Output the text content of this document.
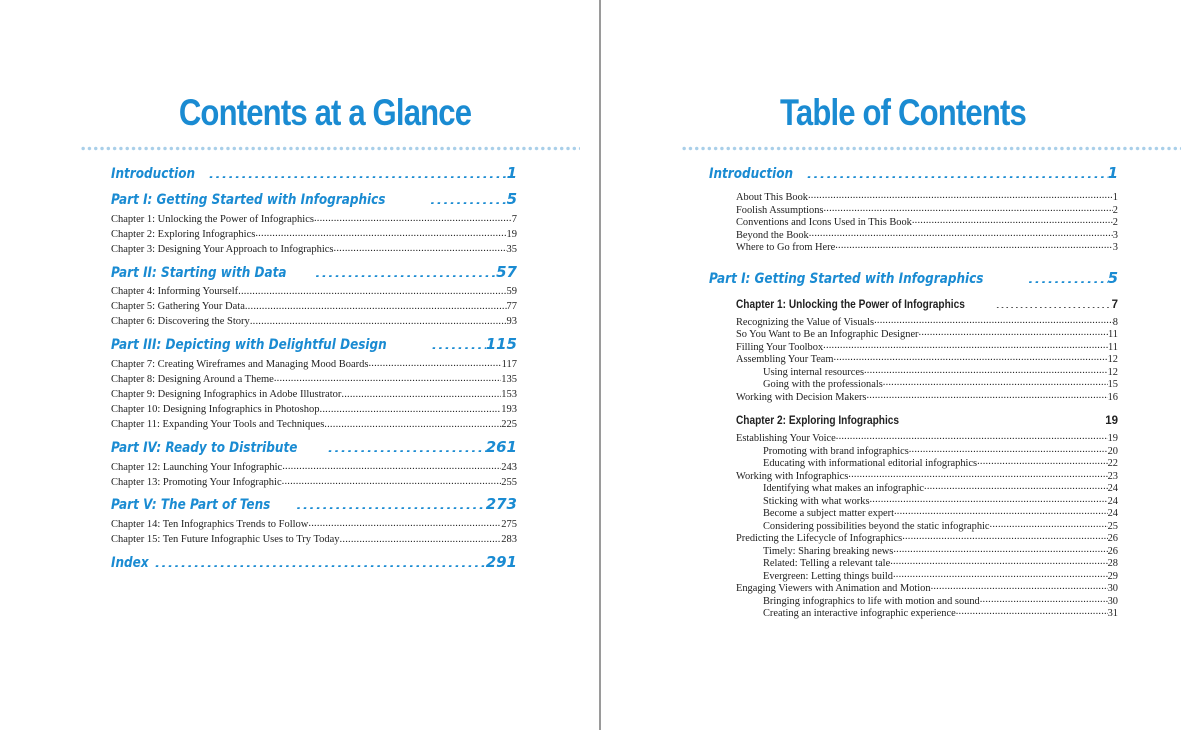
Contents at a Glance
Introduction .....	1
Part I: Getting Started with Infographics .....	5
Chapter 1: Unlocking the Power of Infographics .....	7
Chapter 2: Exploring Infographics .....	19
Chapter 3: Designing Your Approach to Infographics .....	35
Part II: Starting with Data .....	57
Chapter 4: Informing Yourself .....	59
Chapter 5: Gathering Your Data .....	77
Chapter 6: Discovering the Story .....	93
Part III: Depicting with Delightful Design .....	115
Chapter 7: Creating Wireframes and Managing Mood Boards .....	117
Chapter 8: Designing Around a Theme .....	135
Chapter 9: Designing Infographics in Adobe Illustrator .....	153
Chapter 10: Designing Infographics in Photoshop .....	193
Chapter 11: Expanding Your Tools and Techniques .....	225
Part IV: Ready to Distribute .....	261
Chapter 12: Launching Your Infographic .....	243
Chapter 13: Promoting Your Infographic .....	255
Part V: The Part of Tens .....	273
Chapter 14: Ten Infographics Trends to Follow .....	275
Chapter 15: Ten Future Infographic Uses to Try Today .....	283
Index .....	291
Table of Contents
Introduction .....	1
About This Book .....	1
Foolish Assumptions .....	2
Conventions and Icons Used in This Book .....	2
Beyond the Book .....	3
Where to Go from Here .....	3
Part I: Getting Started with Infographics .....	5
Chapter 1: Unlocking the Power of Infographics .....	7
Recognizing the Value of Visuals .....	8
So You Want to Be an Infographic Designer .....	11
Filling Your Toolbox .....	11
Assembling Your Team .....	12
Using internal resources .....	12
Going with the professionals .....	15
Working with Decision Makers .....	16
Chapter 2: Exploring Infographics .....	19
Establishing Your Voice .....	19
Promoting with brand infographics .....	20
Educating with informational editorial infographics .....	22
Working with Infographics .....	23
Identifying what makes an infographic .....	24
Sticking with what works .....	24
Become a subject matter expert .....	24
Considering possibilities beyond the static infographic .....	25
Predicting the Lifecycle of Infographics .....	26
Timely: Sharing breaking news .....	26
Related: Telling a relevant tale .....	28
Evergreen: Letting things build .....	29
Engaging Viewers with Animation and Motion .....	30
Bringing infographics to life with motion and sound .....	30
Creating an interactive infographic experience .....	31
